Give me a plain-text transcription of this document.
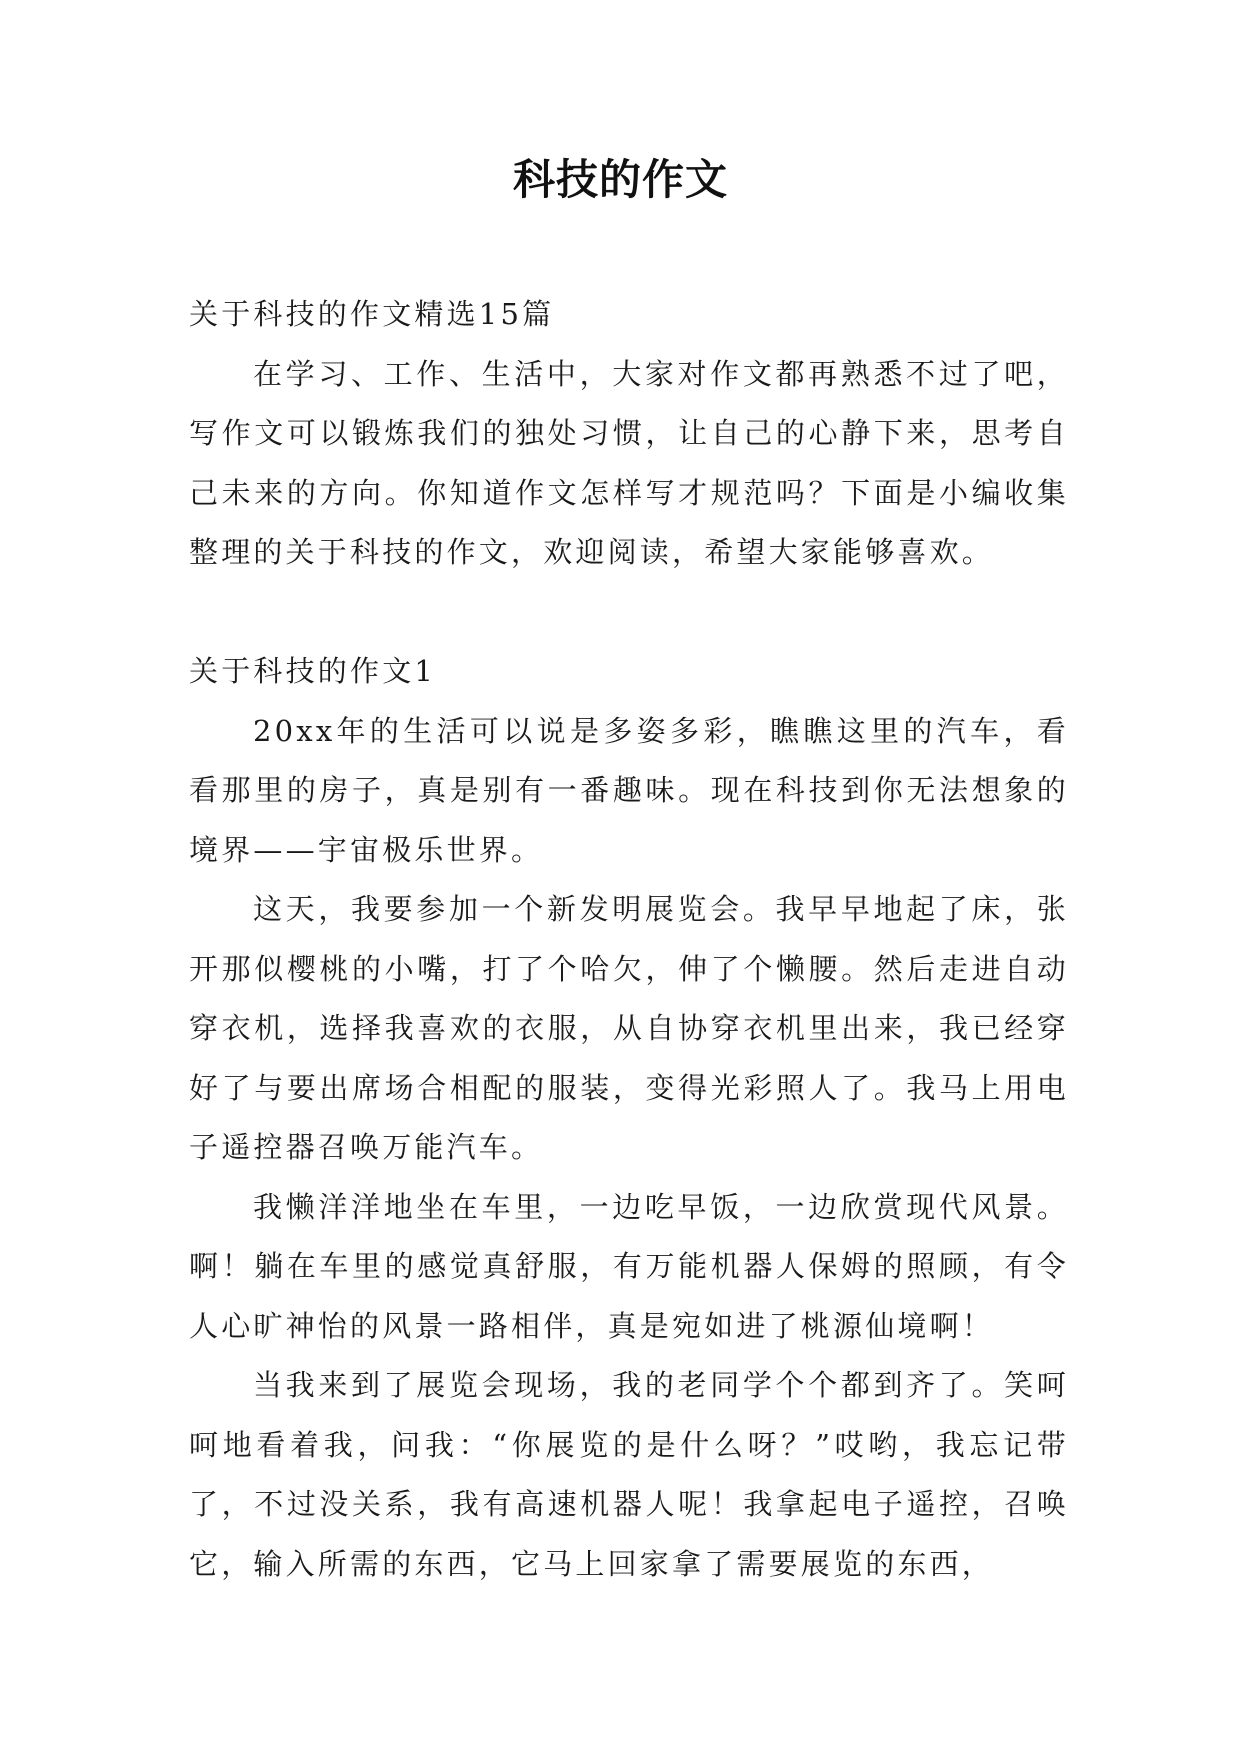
科技的作文

关于科技的作文精选15篇

在学习、工作、生活中，大家对作文都再熟悉不过了吧，写作文可以锻炼我们的独处习惯，让自己的心静下来，思考自己未来的方向。你知道作文怎样写才规范吗？下面是小编收集整理的关于科技的作文，欢迎阅读，希望大家能够喜欢。

关于科技的作文1

20xx年的生活可以说是多姿多彩，瞧瞧这里的汽车，看看那里的房子，真是别有一番趣味。现在科技到你无法想象的境界——宇宙极乐世界。

这天，我要参加一个新发明展览会。我早早地起了床，张开那似樱桃的小嘴，打了个哈欠，伸了个懒腰。然后走进自动穿衣机，选择我喜欢的衣服，从自协穿衣机里出来，我已经穿好了与要出席场合相配的服装，变得光彩照人了。我马上用电子遥控器召唤万能汽车。

我懒洋洋地坐在车里，一边吃早饭，一边欣赏现代风景。啊！躺在车里的感觉真舒服，有万能机器人保姆的照顾，有令人心旷神怡的风景一路相伴，真是宛如进了桃源仙境啊！

当我来到了展览会现场，我的老同学个个都到齐了。笑呵呵地看着我，问我：“你展览的是什么呀？”哎哟，我忘记带了，不过没关系，我有高速机器人呢！我拿起电子遥控，召唤它，输入所需的东西，它马上回家拿了需要展览的东西，
